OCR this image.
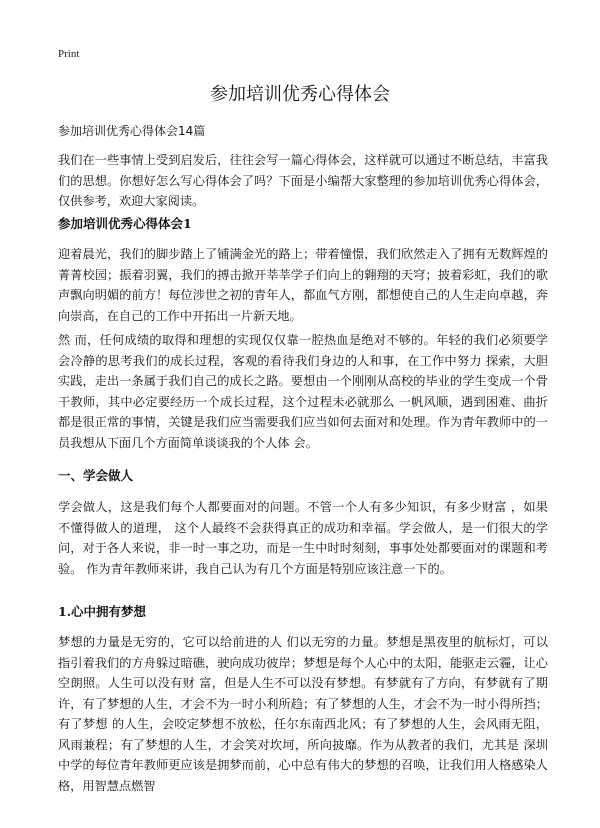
Print
参加培训优秀心得体会
参加培训优秀心得体会14篇

我们在一些事情上受到启发后，往往会写一篇心得体会，这样就可以通过不断总结，丰富我们的思想。你想好怎么写心得体会了吗？下面是小编帮大家整理的参加培训优秀心得体会，仅供参考，欢迎大家阅读。

参加培训优秀心得体会1

迎着晨光，我们的脚步踏上了铺满金光的路上；带着憧憬，我们欣然走入了拥有无数辉煌的菁菁校园；振着羽翼，我们的搏击掀开莘莘学子们向上的翱翔的天穹；披着彩虹，我们的歌声飘向明媚的前方！每位涉世之初的青年人，都血气方刚，都想使自己的人生走向卓越，奔向崇高，在自己的工作中开拓出一片新天地。

然 而，任何成绩的取得和理想的实现仅仅靠一腔热血是绝对不够的。年轻的我们必须要学会冷静的思考我们的成长过程，客观的看待我们身边的人和事，在工作中努力 探索，大胆实践，走出一条属于我们自己的成长之路。要想由一个刚刚从高校的毕业的学生变成一个骨干教师，其中必定要经历一个成长过程，这个过程未必就那么 一帆风顺，遇到困难、曲折都是很正常的事情，关键是我们应当需要我们应当如何去面对和处理。作为青年教师中的一员我想从下面几个方面简单谈谈我的个人体 会。

一、学会做人

学会做人，这是我们每个人都要面对的问题。不管一个人有多少知识，有多少财富 ，如果不懂得做人的道理， 这个人最终不会获得真正的成功和幸福。学会做人，是一们很大的学问，对于各人来说，非一时一事之功，而是一生中时时刻刻，事事处处都要面对的课题和考验。 作为青年教师来讲，我自己认为有几个方面是特别应该注意一下的。

1.心中拥有梦想

梦想的力量是无穷的，它可以给前进的人 们以无穷的力量。梦想是黑夜里的航标灯，可以指引着我们的方舟躲过暗礁，驶向成功彼岸；梦想是每个人心中的太阳，能驱走云霾，让心空朗照。人生可以没有财 富，但是人生不可以没有梦想。有梦就有了方向，有梦就有了期许，有了梦想的人生，才会不为一时小利所趋；有了梦想的人生，才会不为一时小得所挡；有了梦想 的人生，会咬定梦想不放松，任尔东南西北风；有了梦想的人生，会风雨无阻，风雨兼程；有了梦想的人生，才会笑对坎坷，所向披靡。作为从教者的我们，尤其是 深圳中学的每位青年教师更应该是拥梦而前，心中总有伟大的梦想的召唤，让我们用人格感染人格，用智慧点燃智
